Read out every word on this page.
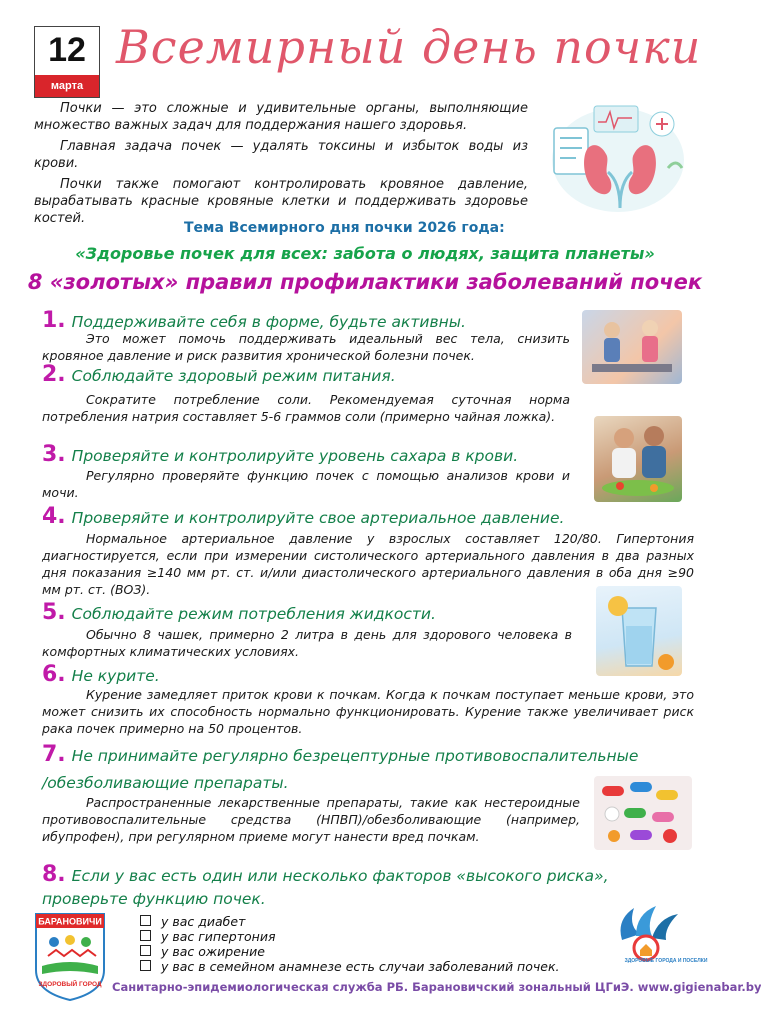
12
марта
Всемирный день почки
Почки — это сложные и удивительные органы, выполняющие множество важных задач для поддержания нашего здоровья.
Главная задача почек — удалять токсины и избыток воды из крови.
Почки также помогают контролировать кровяное давление, вырабатывать красные кровяные клетки и поддерживать здоровье костей.
Тема Всемирного дня почки 2026 года:
«Здоровье почек для всех: забота о людях, защита планеты»
8 «золотых» правил профилактики заболеваний почек
1. Поддерживайте себя в форме, будьте активны.
Это может помочь поддерживать идеальный вес тела, снизить кровяное давление и риск развития хронической болезни почек.
2. Соблюдайте здоровый режим питания.
Сократите потребление соли. Рекомендуемая суточная норма потребления натрия составляет 5-6 граммов соли (примерно чайная ложка).
3. Проверяйте и контролируйте уровень сахара в крови.
Регулярно проверяйте функцию почек с помощью анализов крови и мочи.
4. Проверяйте и контролируйте свое артериальное давление.
Нормальное артериальное давление у взрослых составляет 120/80. Гипертония диагностируется, если при измерении систолического артериального давления в два разных дня показания ≥140 мм рт. ст. и/или диастолического артериального давления в оба дня ≥90 мм рт. ст. (ВОЗ).
5. Соблюдайте режим потребления жидкости.
Обычно 8 чашек, примерно 2 литра в день для здорового человека в комфортных климатических условиях.
6. Не курите.
Курение замедляет приток крови к почкам. Когда к почкам поступает меньше крови, это может снизить их способность нормально функционировать. Курение также увеличивает риск рака почек примерно на 50 процентов.
7. Не принимайте регулярно безрецептурные противовоспалительные
/обезболивающие препараты.
Распространенные лекарственные препараты, такие как нестероидные противовоспалительные средства (НПВП)/обезболивающие (например, ибупрофен), при регулярном приеме могут нанести вред почкам.
8. Если у вас есть один или несколько факторов «высокого риска»,
проверьте функцию почек.
у вас диабет
у вас гипертония
у вас ожирение
у вас в семейном анамнезе есть случаи заболеваний почек.
БАРАНОВИЧИ
ЗДОРОВЫЙ ГОРОД
ЗДОРОВЫЕ ГОРОДА И ПОСЕЛКИ
Санитарно-эпидемиологическая служба РБ. Барановичский зональный ЦГиЭ. www.gigienabar.by
